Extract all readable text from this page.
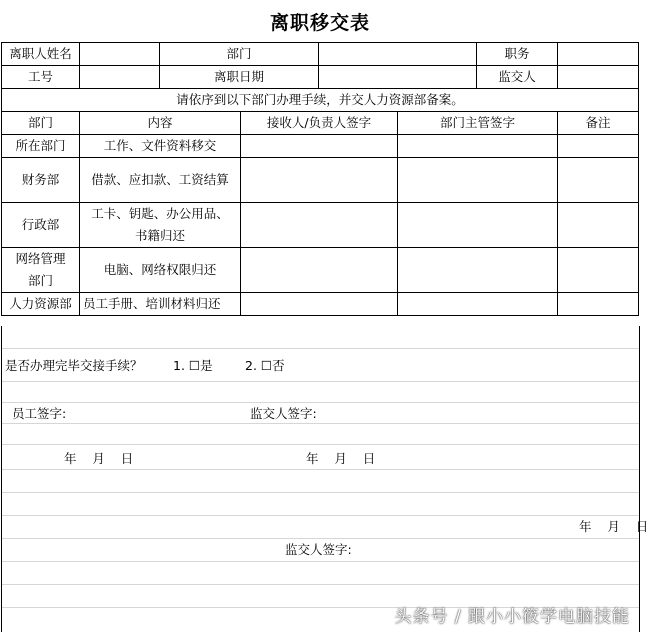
离职移交表
离职人姓名		部门				职务	
工号		离职日期				监交人	
请依序到以下部门办理手续，并交人力资源部备案。							
部门	内容		接收人/负责人签字		部门主管签字		备注
所在部门	工作、文件资料移交						
财务部	借款、应扣款、工资结算						
行政部	工卡、钥匙、办公用品、
书籍归还						

网络管理
部门	电脑、网络权限归还						
人力资源部	员工手册、培训材料归还						
是否办理完毕交接手续？ 1. ☐是	2. ☐否
员工签字:	监交人签字:
年    月    日	年    月    日
年    月    日
监交人签字:
头条号 / 跟小小筱学电脑技能
